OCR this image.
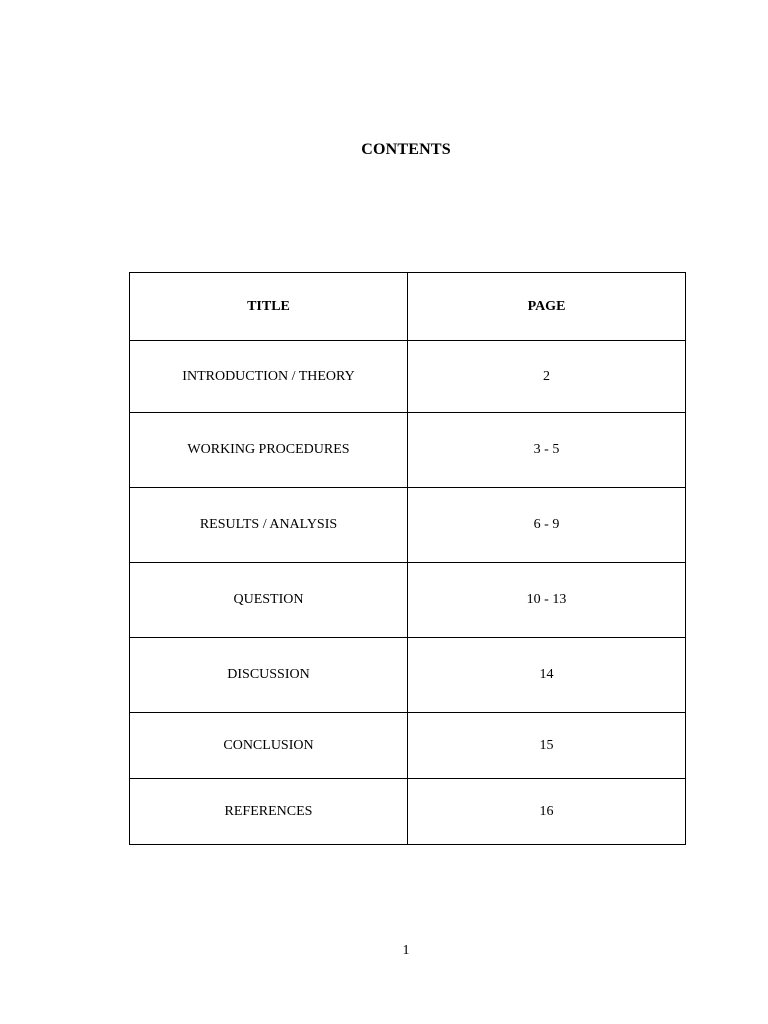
CONTENTS
TITLE	PAGE
INTRODUCTION / THEORY	2
WORKING PROCEDURES	3 - 5
RESULTS / ANALYSIS	6 - 9
QUESTION	10 - 13
DISCUSSION	14
CONCLUSION	15
REFERENCES	16
1
